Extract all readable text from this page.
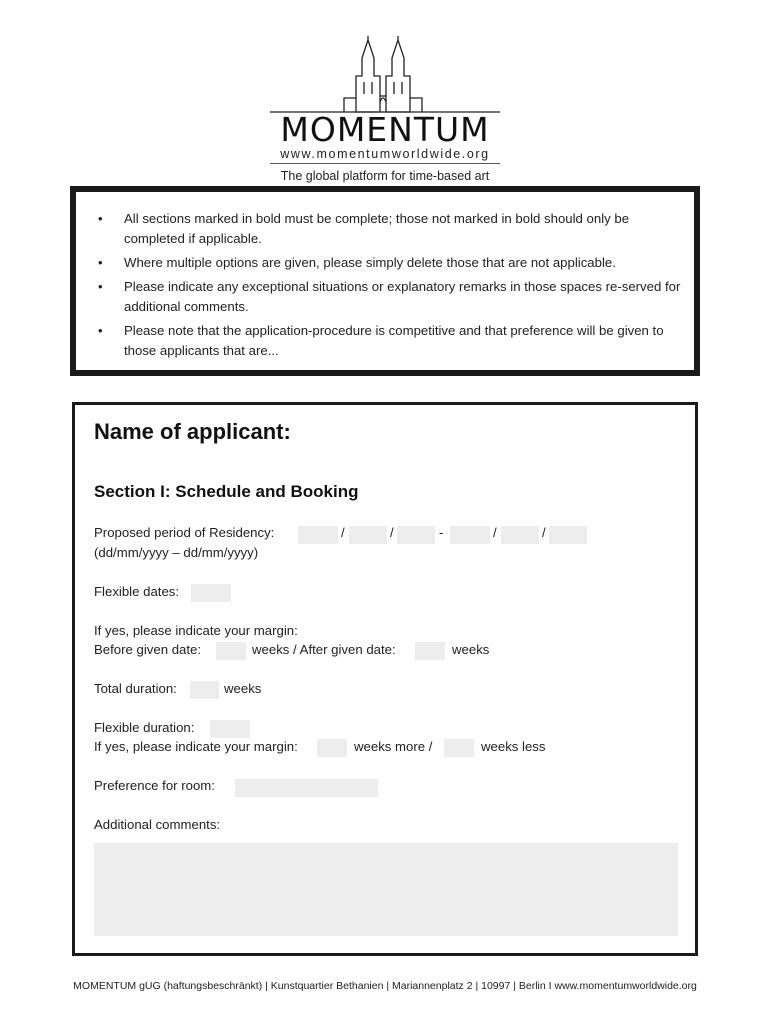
MOMENTUM
www.momentumworldwide.org
The global platform for time-based art
• All sections marked in bold must be complete; those not marked in bold should only be completed if applicable.
• Where multiple options are given, please simply delete those that are not applicable.
• Please indicate any exceptional situations or explanatory remarks in those spaces re-served for additional comments.
• Please note that the application-procedure is competitive and that preference will be given to those applicants that are...
Name of applicant:
Section I: Schedule and Booking
Proposed period of Residency:	/	/	-	/	/
(dd/mm/yyyy – dd/mm/yyyy)
Flexible dates:
If yes, please indicate your margin:
Before given date:	weeks / After given date:	weeks
Total duration:	weeks
Flexible duration:
If yes, please indicate your margin:	weeks more /	weeks less
Preference for room:
Additional comments:
MOMENTUM gUG (haftungsbeschränkt) | Kunstquartier Bethanien | Mariannenplatz 2 | 10997 | Berlin I www.momentumworldwide.org
